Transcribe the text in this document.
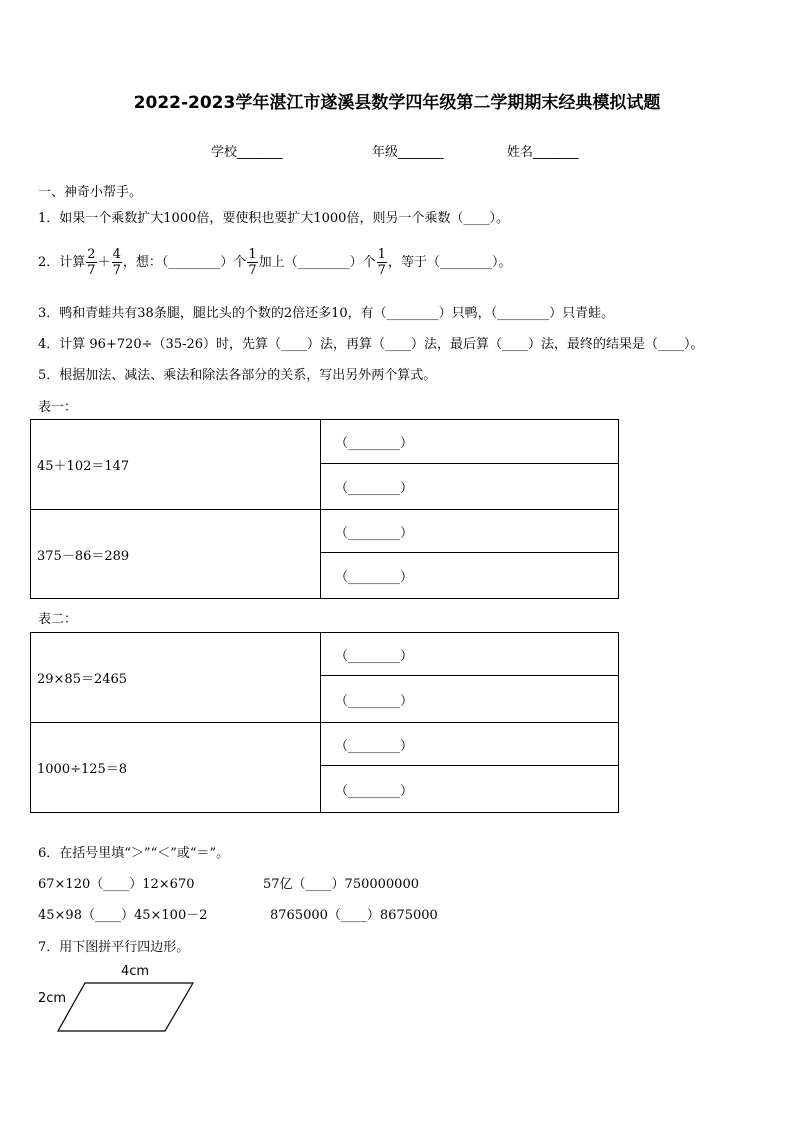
2022-2023学年湛江市遂溪县数学四年级第二学期期末经典模拟试题
学校_______	年级_______	姓名_______
一、神奇小帮手。
1．如果一个乘数扩大1000倍，要使积也要扩大1000倍，则另一个乘数（____）。
2．计算 $\frac{2}{7} + \frac{4}{7}$ ，想：（________）个 $\frac{1}{7}$ 加上（________）个 $\frac{1}{7}$ ，等于（________）。
3．鸭和青蛙共有38条腿，腿比头的个数的2倍还多10，有（________）只鸭，（________）只青蛙。
4．计算 96+720÷（35-26）时，先算（____）法，再算（____）法，最后算（____）法，最终的结果是（____）。
5．根据加法、减法、乘法和除法各部分的关系，写出另外两个算式。
表一：
45＋102＝147	（________）
	（________）
375－86＝289	（________）
	（________）
表二：
29×85＝2465	（________）
	（________）
1000÷125＝8	（________）
	（________）
6．在括号里填“＞”“＜”或“＝”。
67×120（____）12×670	57亿（____）750000000
45×98（____）45×100－2	8765000（____）8675000
7．用下图拼平行四边形。
4cm
2cm
